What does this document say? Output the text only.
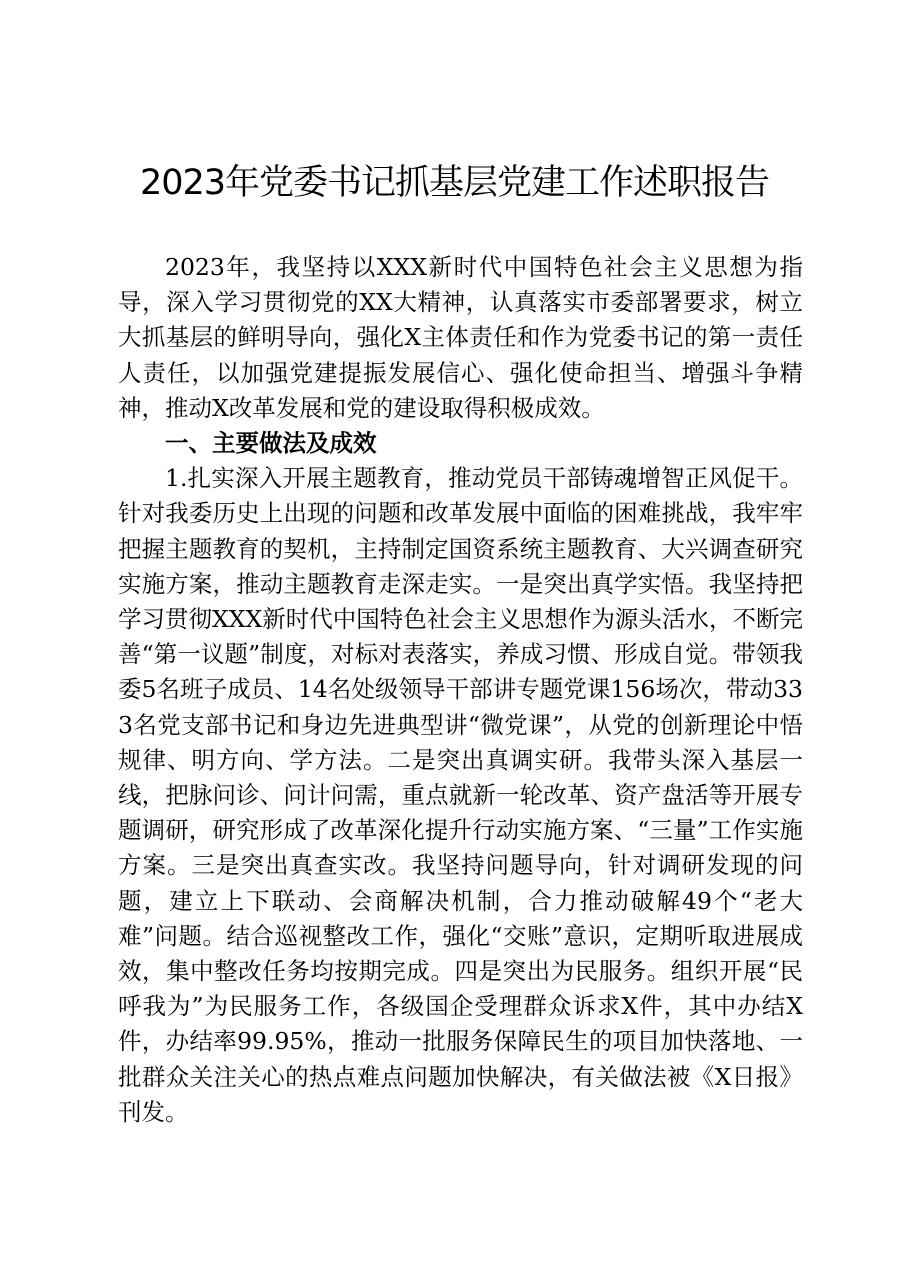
2023年党委书记抓基层党建工作述职报告

2023年，我坚持以XXX新时代中国特色社会主义思想为指导，深入学习贯彻党的XX大精神，认真落实市委部署要求，树立大抓基层的鲜明导向，强化X主体责任和作为党委书记的第一责任人责任，以加强党建提振发展信心、强化使命担当、增强斗争精神，推动X改革发展和党的建设取得积极成效。

一、主要做法及成效

1.扎实深入开展主题教育，推动党员干部铸魂增智正风促干。针对我委历史上出现的问题和改革发展中面临的困难挑战，我牢牢把握主题教育的契机，主持制定国资系统主题教育、大兴调查研究实施方案，推动主题教育走深走实。一是突出真学实悟。我坚持把学习贯彻XXX新时代中国特色社会主义思想作为源头活水，不断完善“第一议题”制度，对标对表落实，养成习惯、形成自觉。带领我委5名班子成员、14名处级领导干部讲专题党课156场次，带动333名党支部书记和身边先进典型讲“微党课”，从党的创新理论中悟规律、明方向、学方法。二是突出真调实研。我带头深入基层一线，把脉问诊、问计问需，重点就新一轮改革、资产盘活等开展专题调研，研究形成了改革深化提升行动实施方案、“三量”工作实施方案。三是突出真查实改。我坚持问题导向，针对调研发现的问题，建立上下联动、会商解决机制，合力推动破解49个“老大难”问题。结合巡视整改工作，强化“交账”意识，定期听取进展成效，集中整改任务均按期完成。四是突出为民服务。组织开展“民呼我为”为民服务工作，各级国企受理群众诉求X件，其中办结X件，办结率99.95%，推动一批服务保障民生的项目加快落地、一批群众关注关心的热点难点问题加快解决，有关做法被《X日报》刊发。
